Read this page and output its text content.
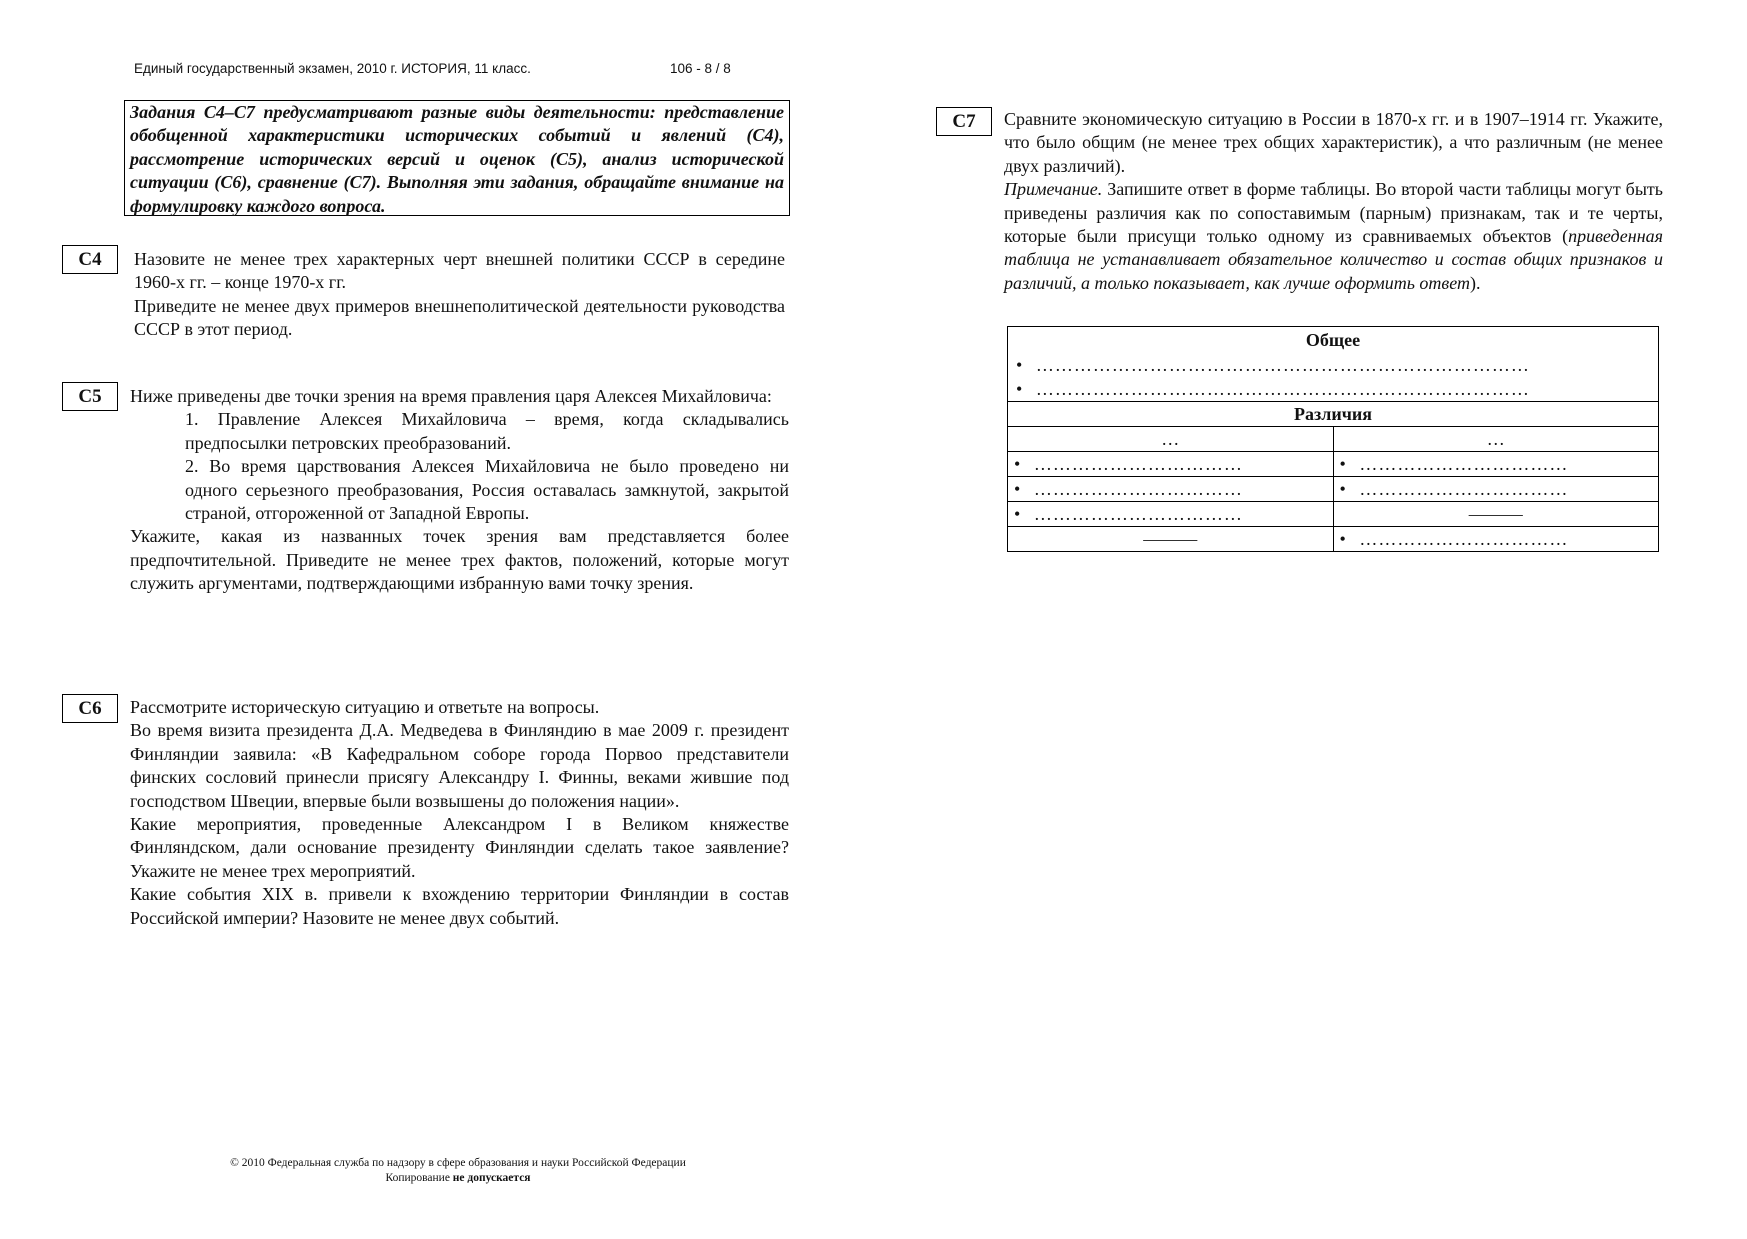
Единый государственный экзамен, 2010 г. ИСТОРИЯ, 11 класс.	106 - 8 / 8
Задания С4–С7 предусматривают разные виды деятельности: представление обобщенной характеристики исторических событий и явлений (С4), рассмотрение исторических версий и оценок (С5), анализ исторической ситуации (С6), сравнение (С7). Выполняя эти задания, обращайте внимание на формулировку каждого вопроса.
С4	Назовите не менее трех характерных черт внешней политики СССР в середине 1960-х гг. – конце 1970-х гг.

Приведите не менее двух примеров внешнеполитической деятельности руководства СССР в этот период.

С5	Ниже приведены две точки зрения на время правления царя Алексея Михайловича:

1. Правление Алексея Михайловича – время, когда складывались предпосылки петровских преобразований.

2. Во время царствования Алексея Михайловича не было проведено ни одного серьезного преобразования, Россия оставалась замкнутой, закрытой страной, отгороженной от Западной Европы.

Укажите, какая из названных точек зрения вам представляется более предпочтительной. Приведите не менее трех фактов, положений, которые могут служить аргументами, подтверждающими избранную вами точку зрения.

С6	Рассмотрите историческую ситуацию и ответьте на вопросы.

Во время визита президента Д.А. Медведева в Финляндию в мае 2009 г. президент Финляндии заявила: «В Кафедральном соборе города Порвоо представители финских сословий принесли присягу Александру I. Финны, веками жившие под господством Швеции, впервые были возвышены до положения нации».

Какие мероприятия, проведенные Александром I в Великом княжестве Финляндском, дали основание президенту Финляндии сделать такое заявление? Укажите не менее трех мероприятий.

Какие события XIX в. привели к вхождению территории Финляндии в состав Российской империи? Назовите не менее двух событий.

С7	Сравните экономическую ситуацию в России в 1870-х гг. и в 1907–1914 гг. Укажите, что было общим (не менее трех общих характеристик), а что различным (не менее двух различий).

Примечание. Запишите ответ в форме таблицы. Во второй части таблицы могут быть приведены различия как по сопоставимым (парным) признакам, так и те черты, которые были присущи только одному из сравниваемых объектов (приведенная таблица не устанавливает обязательное количество и состав общих признаков и различий, а только показывает, как лучше оформить ответ).

Общее
• ……………………………………………………………………
• ……………………………………………………………………	

Различия	
…	…
• ……………………………	• ……………………………
• ……………………………	• ……………………………
• ……………………………	———
———	• ……………………………
© 2010 Федеральная служба по надзору в сфере образования и науки Российской Федерации
Копирование не допускается
